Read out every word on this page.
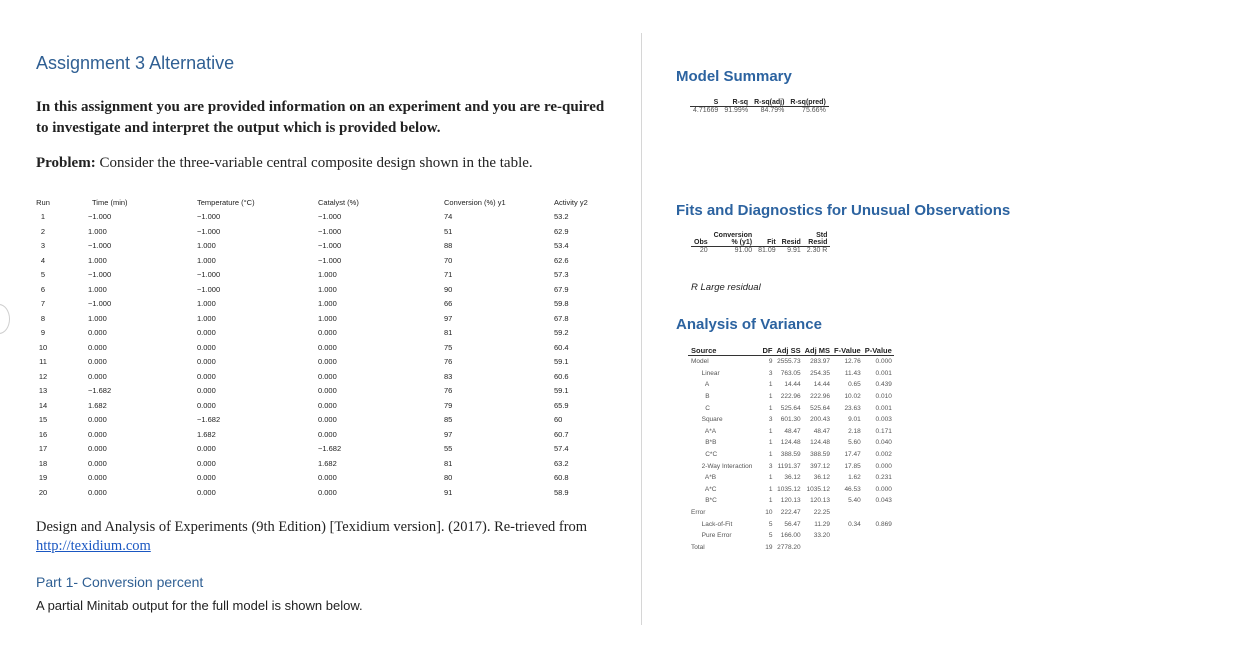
Assignment 3 Alternative
In this assignment you are provided information on an experiment and you are re-quired to investigate and interpret the output which is provided below.
Problem: Consider the three-variable central composite design shown in the table.
Run	Time (min)	Temperature (°C)	Catalyst (%)	Conversion (%) y1	Activity y2
1	−1.000	−1.000	−1.000	74	53.2
2	1.000	−1.000	−1.000	51	62.9
3	−1.000	1.000	−1.000	88	53.4
4	1.000	1.000	−1.000	70	62.6
5	−1.000	−1.000	1.000	71	57.3
6	1.000	−1.000	1.000	90	67.9
7	−1.000	1.000	1.000	66	59.8
8	1.000	1.000	1.000	97	67.8
9	0.000	0.000	0.000	81	59.2
10	0.000	0.000	0.000	75	60.4
11	0.000	0.000	0.000	76	59.1
12	0.000	0.000	0.000	83	60.6
13	−1.682	0.000	0.000	76	59.1
14	1.682	0.000	0.000	79	65.9
15	0.000	−1.682	0.000	85	60
16	0.000	1.682	0.000	97	60.7
17	0.000	0.000	−1.682	55	57.4
18	0.000	0.000	1.682	81	63.2
19	0.000	0.000	0.000	80	60.8
20	0.000	0.000	0.000	91	58.9
Design and Analysis of Experiments (9th Edition) [Texidium version]. (2017). Re-trieved from http://texidium.com
Part 1- Conversion percent
A partial Minitab output for the full model is shown below.
Model Summary
S	R-sq	R-sq(adj)	R-sq(pred)
4.71669	91.99%	84.79%	75.66%
Fits and Diagnostics for Unusual Observations
	Conversion			Std
Obs	% (y1)	Fit	Resid	Resid
20	91.00	81.09	9.91	2.30 R
R Large residual
Analysis of Variance
Source	DF	Adj SS	Adj MS	F-Value	P-Value
Model	9	2555.73	283.97	12.76	0.000
Linear	3	763.05	254.35	11.43	0.001
A	1	14.44	14.44	0.65	0.439
B	1	222.96	222.96	10.02	0.010
C	1	525.64	525.64	23.63	0.001
Square	3	601.30	200.43	9.01	0.003
A*A	1	48.47	48.47	2.18	0.171
B*B	1	124.48	124.48	5.60	0.040
C*C	1	388.59	388.59	17.47	0.002
2-Way Interaction	3	1191.37	397.12	17.85	0.000
A*B	1	36.12	36.12	1.62	0.231
A*C	1	1035.12	1035.12	46.53	0.000
B*C	1	120.13	120.13	5.40	0.043
Error	10	222.47	22.25		
Lack-of-Fit	5	56.47	11.29	0.34	0.869
Pure Error	5	166.00	33.20		
Total	19	2778.20			
